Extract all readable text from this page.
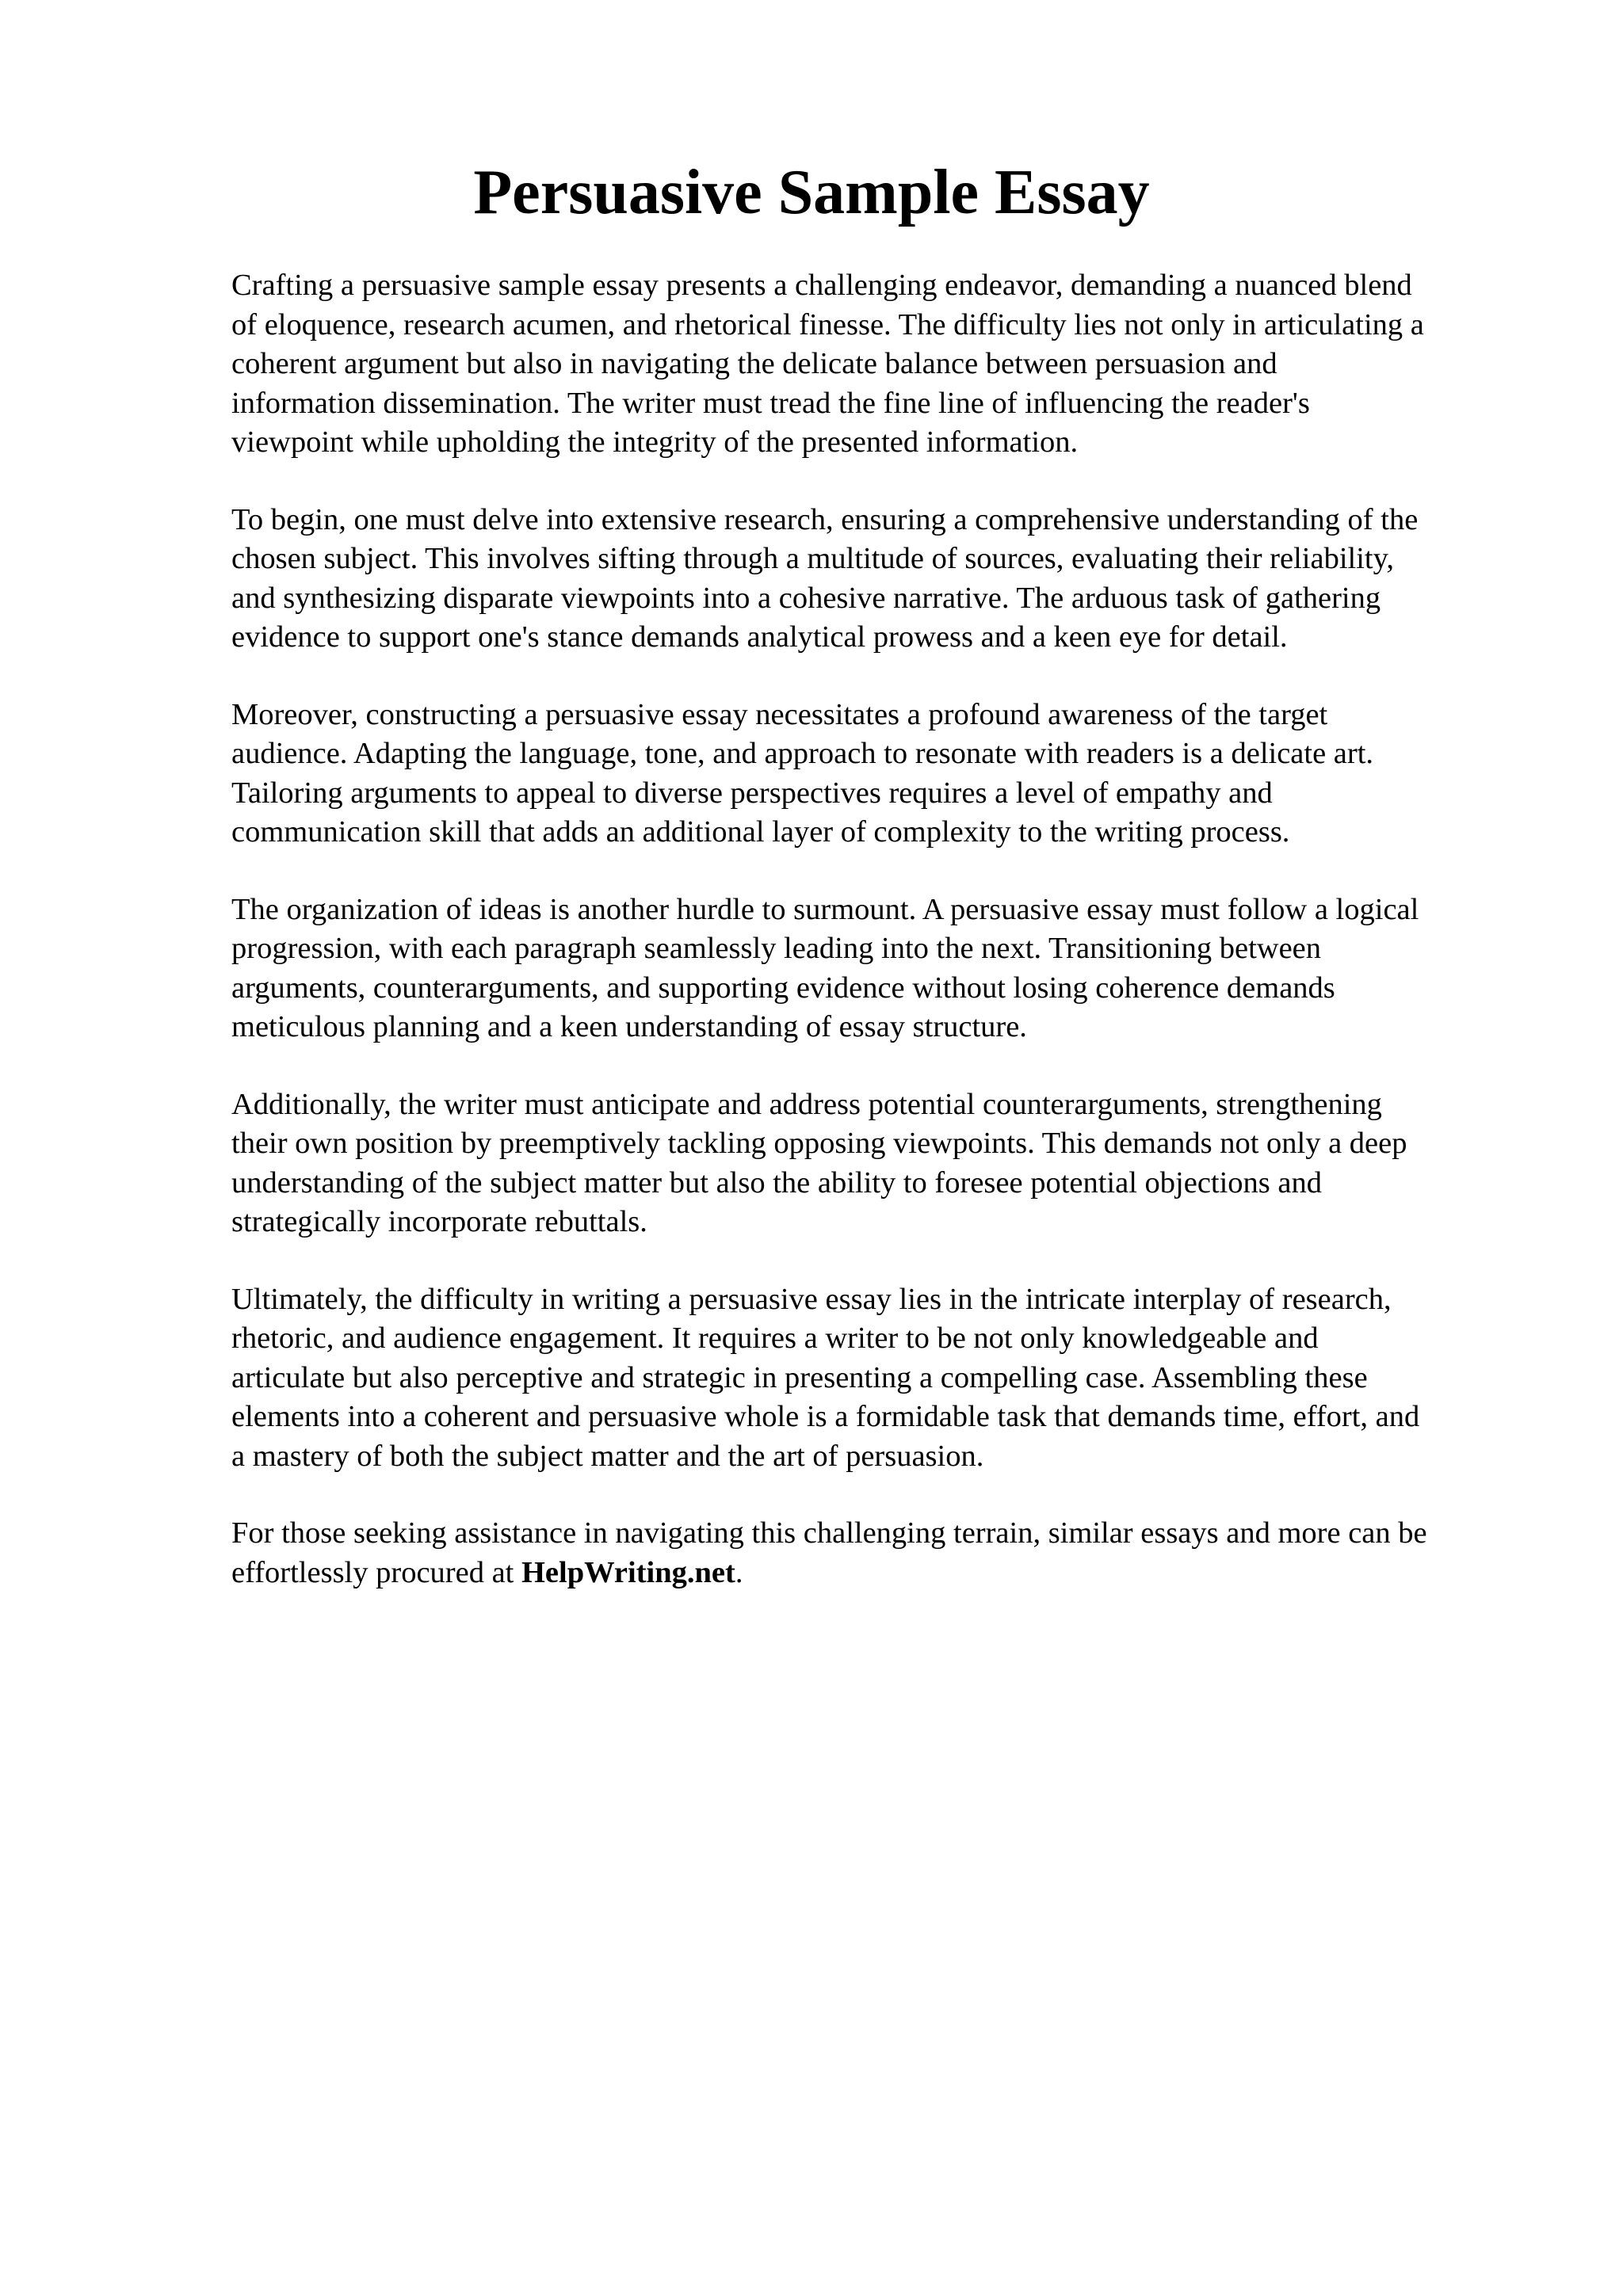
Persuasive Sample Essay

Crafting a persuasive sample essay presents a challenging endeavor, demanding a nuanced blend
of eloquence, research acumen, and rhetorical finesse. The difficulty lies not only in articulating a
coherent argument but also in navigating the delicate balance between persuasion and
information dissemination. The writer must tread the fine line of influencing the reader's
viewpoint while upholding the integrity of the presented information.

To begin, one must delve into extensive research, ensuring a comprehensive understanding of the
chosen subject. This involves sifting through a multitude of sources, evaluating their reliability,
and synthesizing disparate viewpoints into a cohesive narrative. The arduous task of gathering
evidence to support one's stance demands analytical prowess and a keen eye for detail.

Moreover, constructing a persuasive essay necessitates a profound awareness of the target
audience. Adapting the language, tone, and approach to resonate with readers is a delicate art.
Tailoring arguments to appeal to diverse perspectives requires a level of empathy and
communication skill that adds an additional layer of complexity to the writing process.

The organization of ideas is another hurdle to surmount. A persuasive essay must follow a logical
progression, with each paragraph seamlessly leading into the next. Transitioning between
arguments, counterarguments, and supporting evidence without losing coherence demands
meticulous planning and a keen understanding of essay structure.

Additionally, the writer must anticipate and address potential counterarguments, strengthening
their own position by preemptively tackling opposing viewpoints. This demands not only a deep
understanding of the subject matter but also the ability to foresee potential objections and
strategically incorporate rebuttals.

Ultimately, the difficulty in writing a persuasive essay lies in the intricate interplay of research,
rhetoric, and audience engagement. It requires a writer to be not only knowledgeable and
articulate but also perceptive and strategic in presenting a compelling case. Assembling these
elements into a coherent and persuasive whole is a formidable task that demands time, effort, and
a mastery of both the subject matter and the art of persuasion.

For those seeking assistance in navigating this challenging terrain, similar essays and more can be
effortlessly procured at HelpWriting.net.
